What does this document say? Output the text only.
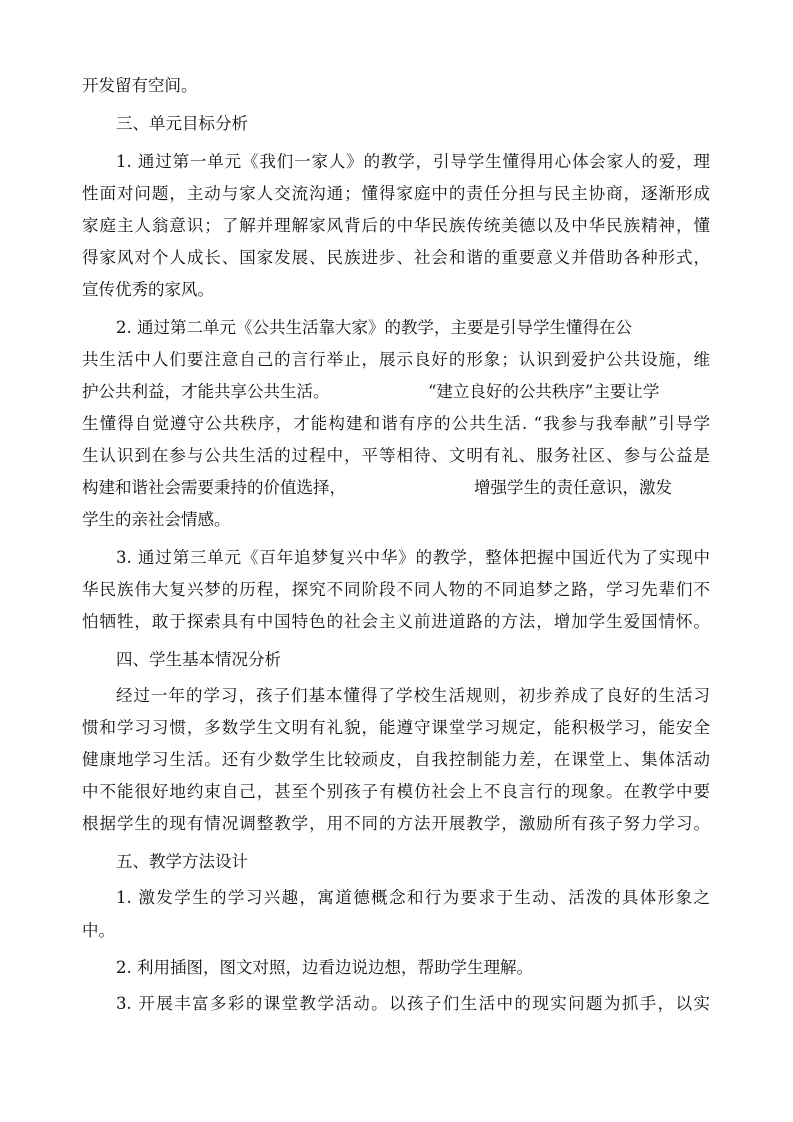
开发留有空间。

三、单元目标分析

1. 通过第一单元《我们一家人》的教学，引导学生懂得用心体会家人的爱，理

性面对问题，主动与家人交流沟通；懂得家庭中的责任分担与民主协商，逐渐形成

家庭主人翁意识；了解并理解家风背后的中华民族传统美德以及中华民族精神，懂

得家风对个人成长、国家发展、民族进步、社会和谐的重要意义并借助各种形式，

宣传优秀的家风。

2. 通过第二单元《公共生活靠大家》的教学，主要是引导学生懂得在公

共生活中人们要注意自己的言行举止，展示良好的形象；认识到爱护公共设施，维

护公共利益，才能共享公共生活。	“建立良好的公共秩序”主要让学

生懂得自觉遵守公共秩序，才能构建和谐有序的公共生活. “我参与我奉献”引导学

生认识到在参与公共生活的过程中，平等相待、文明有礼、服务社区、参与公益是

构建和谐社会需要秉持的价值选择，	增强学生的责任意识，激发

学生的亲社会情感。

3. 通过第三单元《百年追梦复兴中华》的教学，整体把握中国近代为了实现中

华民族伟大复兴梦的历程，探究不同阶段不同人物的不同追梦之路，学习先辈们不

怕牺牲，敢于探索具有中国特色的社会主义前进道路的方法，增加学生爱国情怀。

四、学生基本情况分析

经过一年的学习，孩子们基本懂得了学校生活规则，初步养成了良好的生活习

惯和学习习惯，多数学生文明有礼貌，能遵守课堂学习规定，能积极学习，能安全

健康地学习生活。还有少数学生比较顽皮，自我控制能力差，在课堂上、集体活动

中不能很好地约束自己，甚至个别孩子有模仿社会上不良言行的现象。在教学中要

根据学生的现有情况调整教学，用不同的方法开展教学，激励所有孩子努力学习。

五、教学方法设计

1. 激发学生的学习兴趣，寓道德概念和行为要求于生动、活泼的具体形象之

中。

2. 利用插图，图文对照，边看边说边想，帮助学生理解。

3. 开展丰富多彩的课堂教学活动。以孩子们生活中的现实问题为抓手，以实
